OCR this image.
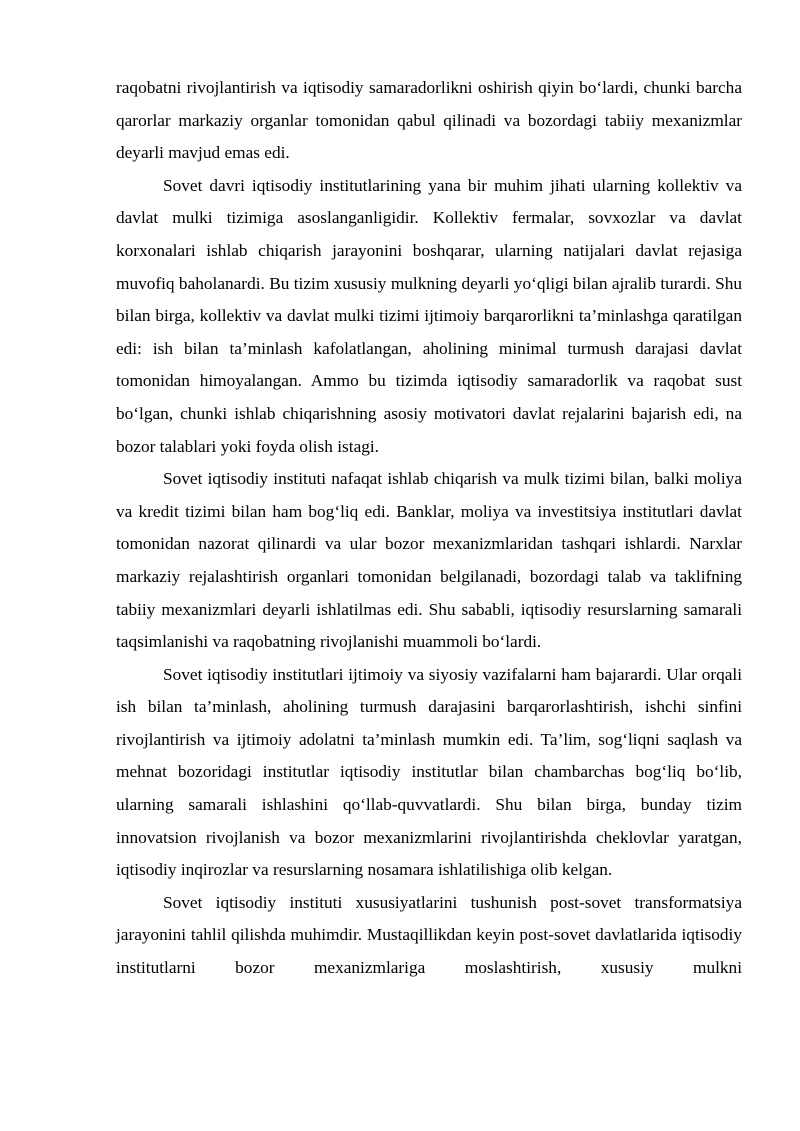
raqobatni rivojlantirish va iqtisodiy samaradorlikni oshirish qiyin bo‘lardi, chunki barcha qarorlar markaziy organlar tomonidan qabul qilinadi va bozordagi tabiiy mexanizmlar deyarli mavjud emas edi.

Sovet davri iqtisodiy institutlarining yana bir muhim jihati ularning kollektiv va davlat mulki tizimiga asoslanganligidir. Kollektiv fermalar, sovxozlar va davlat korxonalari ishlab chiqarish jarayonini boshqarar, ularning natijalari davlat rejasiga muvofiq baholanardi. Bu tizim xususiy mulkning deyarli yo‘qligi bilan ajralib turardi. Shu bilan birga, kollektiv va davlat mulki tizimi ijtimoiy barqarorlikni ta’minlashga qaratilgan edi: ish bilan ta’minlash kafolatlangan, aholining minimal turmush darajasi davlat tomonidan himoyalangan. Ammo bu tizimda iqtisodiy samaradorlik va raqobat sust bo‘lgan, chunki ishlab chiqarishning asosiy motivatori davlat rejalarini bajarish edi, na bozor talablari yoki foyda olish istagi.

Sovet iqtisodiy instituti nafaqat ishlab chiqarish va mulk tizimi bilan, balki moliya va kredit tizimi bilan ham bog‘liq edi. Banklar, moliya va investitsiya institutlari davlat tomonidan nazorat qilinardi va ular bozor mexanizmlaridan tashqari ishlardi. Narxlar markaziy rejalashtirish organlari tomonidan belgilanadi, bozordagi talab va taklifning tabiiy mexanizmlari deyarli ishlatilmas edi. Shu sababli, iqtisodiy resurslarning samarali taqsimlanishi va raqobatning rivojlanishi muammoli bo‘lardi.

Sovet iqtisodiy institutlari ijtimoiy va siyosiy vazifalarni ham bajarardi. Ular orqali ish bilan ta’minlash, aholining turmush darajasini barqarorlashtirish, ishchi sinfini rivojlantirish va ijtimoiy adolatni ta’minlash mumkin edi. Ta’lim, sog‘liqni saqlash va mehnat bozoridagi institutlar iqtisodiy institutlar bilan chambarchas bog‘liq bo‘lib, ularning samarali ishlashini qo‘llab-quvvatlardi. Shu bilan birga, bunday tizim innovatsion rivojlanish va bozor mexanizmlarini rivojlantirishda cheklovlar yaratgan, iqtisodiy inqirozlar va resurslarning nosamara ishlatilishiga olib kelgan.

Sovet iqtisodiy instituti xususiyatlarini tushunish post-sovet transformatsiya jarayonini tahlil qilishda muhimdir. Mustaqillikdan keyin post-sovet davlatlarida iqtisodiy institutlarni bozor mexanizmlariga moslashtirish, xususiy mulkni
